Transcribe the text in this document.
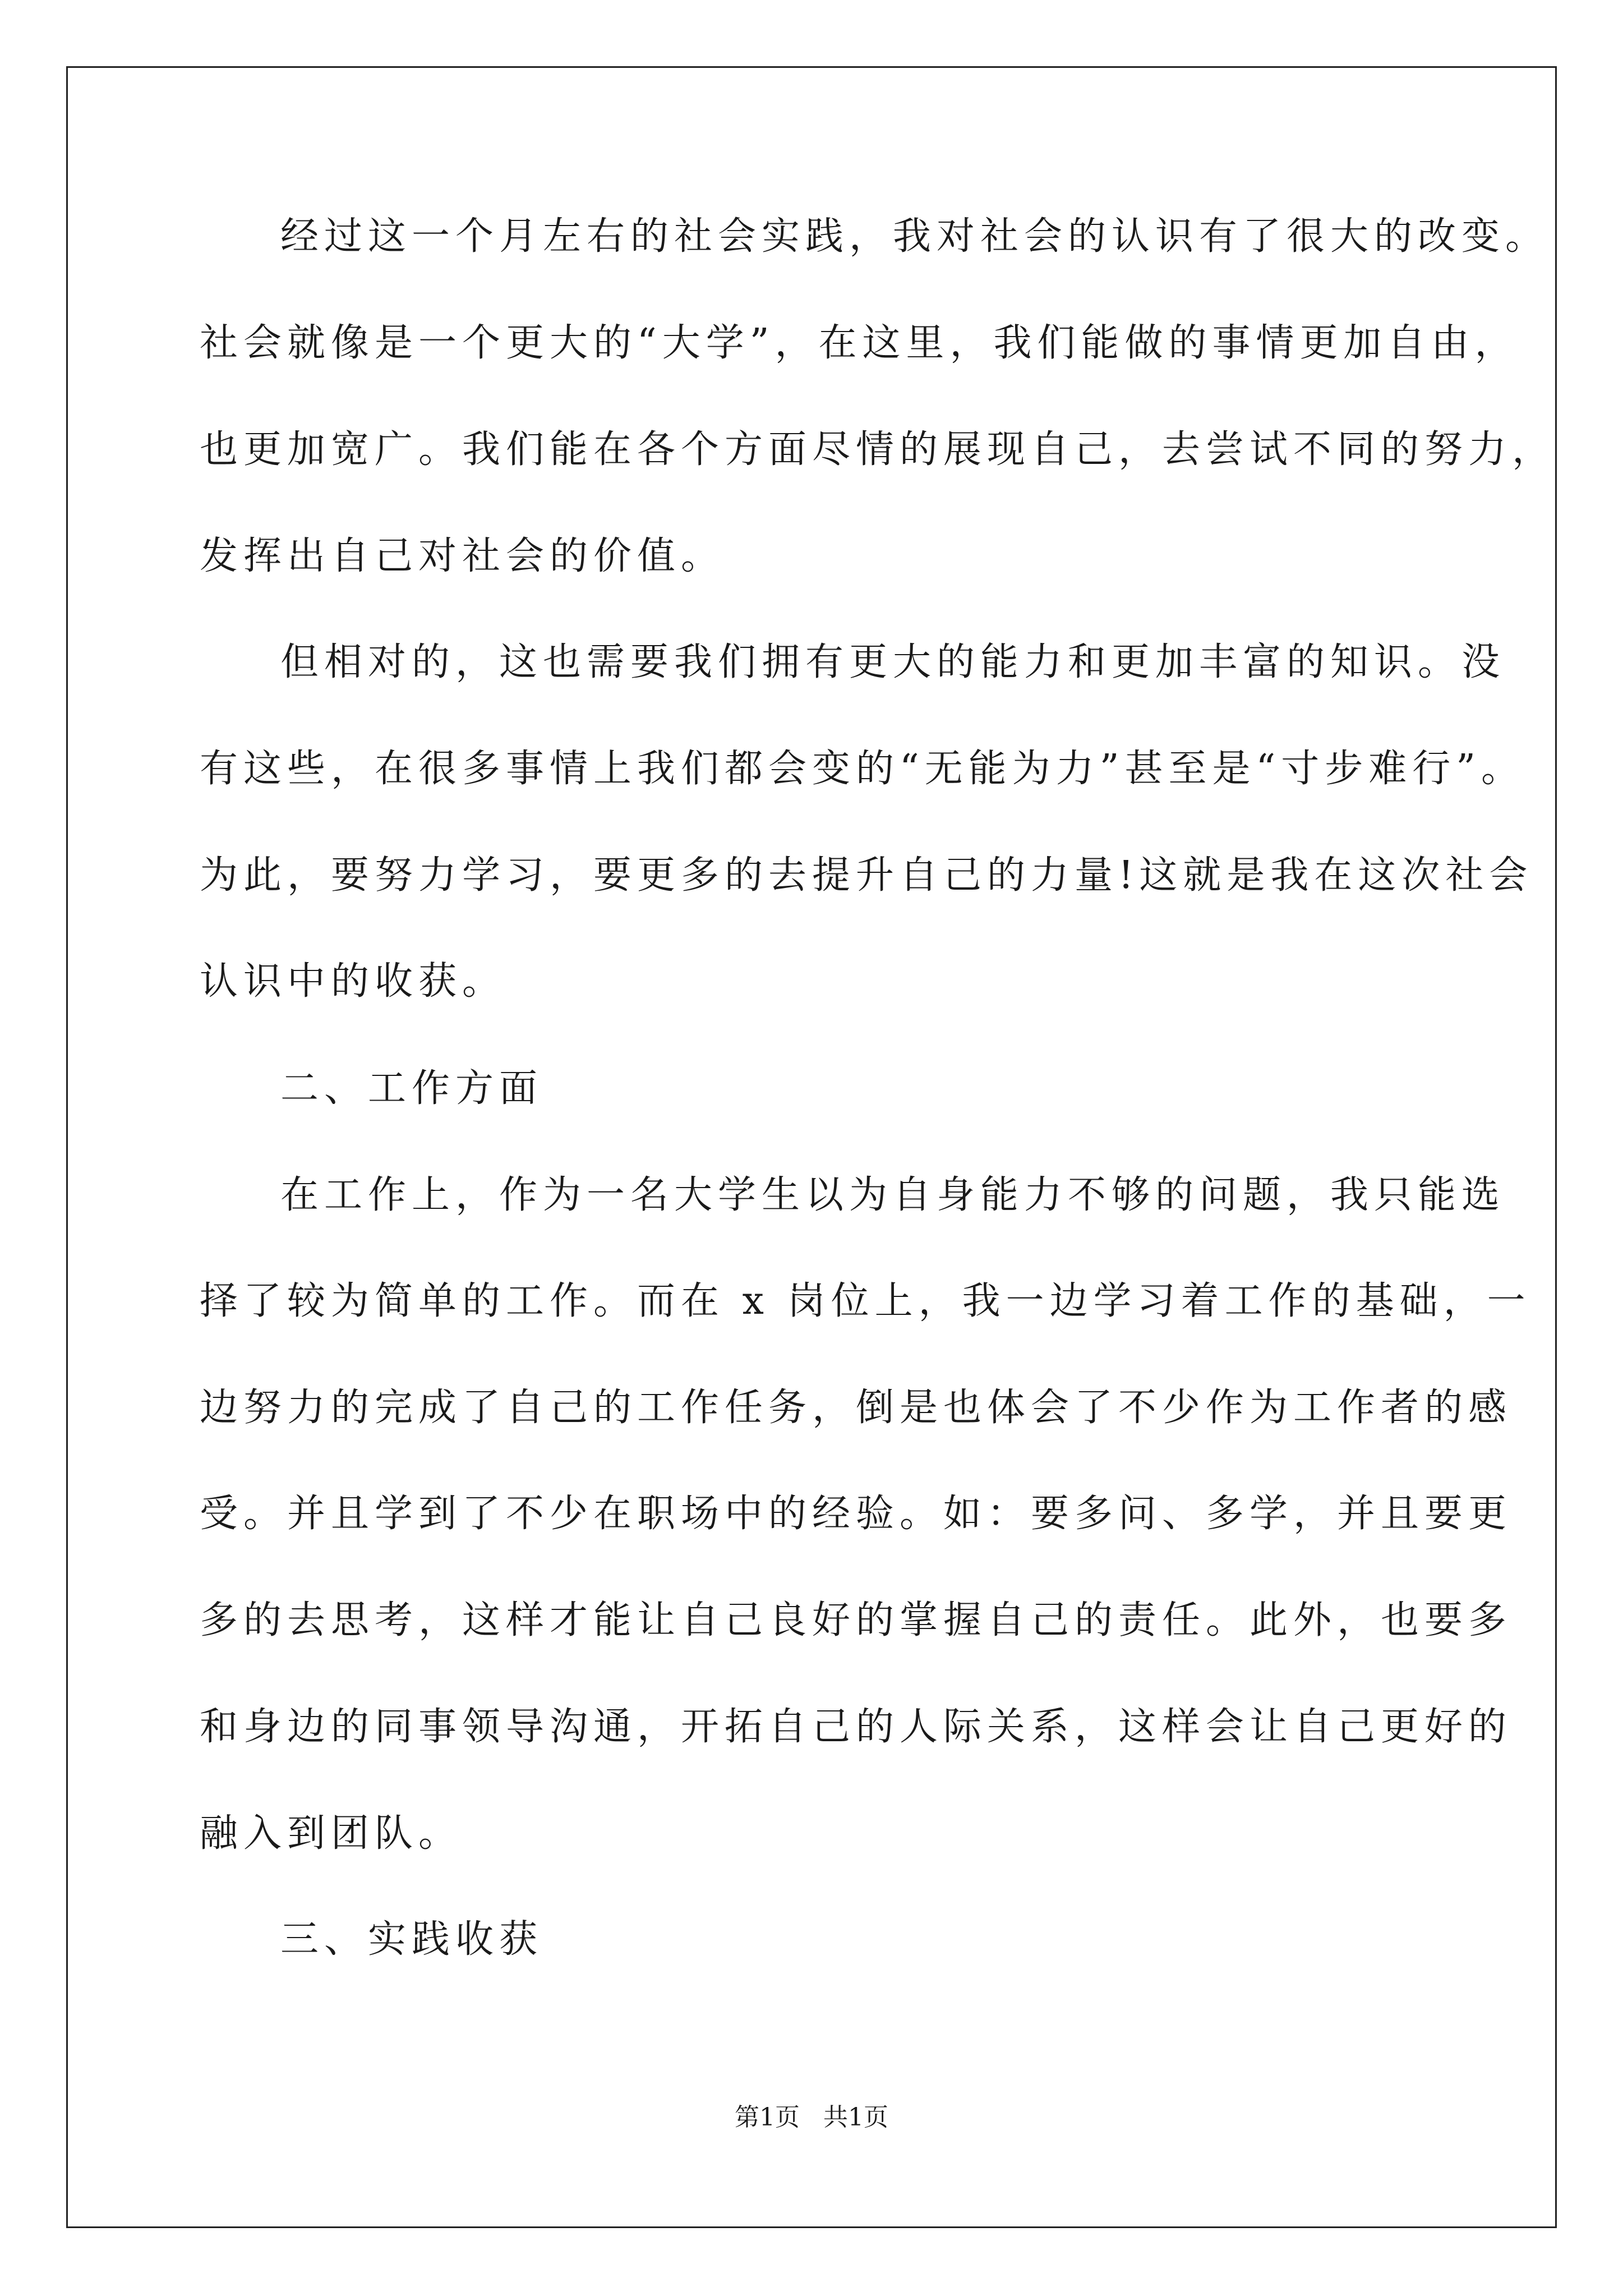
经过这一个月左右的社会实践，我对社会的认识有了很大的改变。
社会就像是一个更大的“大学”，在这里，我们能做的事情更加自由，
也更加宽广。我们能在各个方面尽情的展现自己，去尝试不同的努力，
发挥出自己对社会的价值。
但相对的，这也需要我们拥有更大的能力和更加丰富的知识。没
有这些，在很多事情上我们都会变的“无能为力”甚至是“寸步难行”。
为此，要努力学习，要更多的去提升自己的力量!这就是我在这次社会
认识中的收获。
二、工作方面
在工作上，作为一名大学生以为自身能力不够的问题，我只能选
择了较为简单的工作。而在 x 岗位上，我一边学习着工作的基础，一
边努力的完成了自己的工作任务，倒是也体会了不少作为工作者的感
受。并且学到了不少在职场中的经验。如：要多问、多学，并且要更
多的去思考，这样才能让自己良好的掌握自己的责任。此外，也要多
和身边的同事领导沟通，开拓自己的人际关系，这样会让自己更好的
融入到团队。
三、实践收获
第1页   共1页
